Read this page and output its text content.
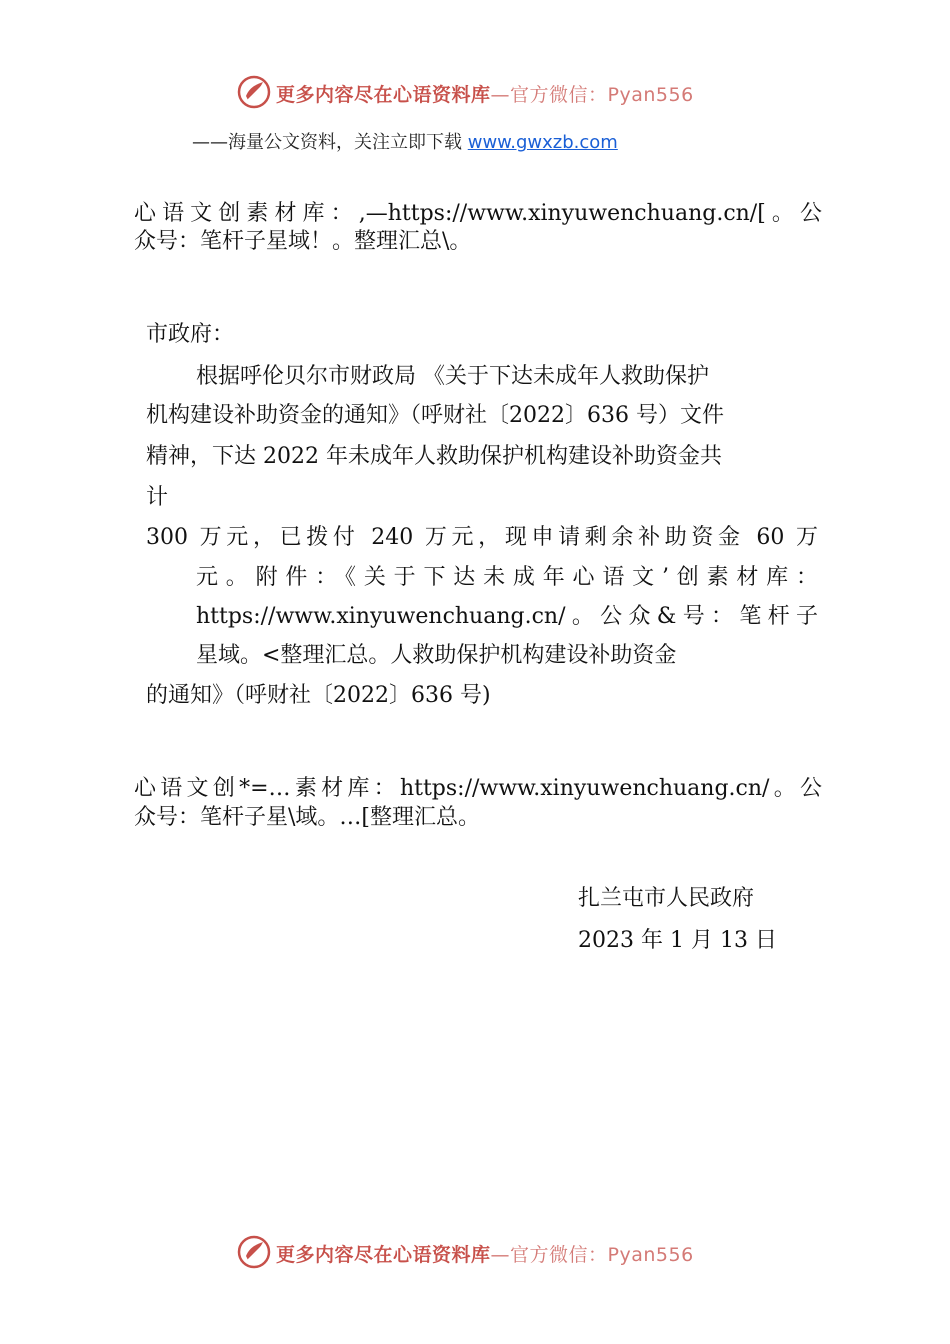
更多内容尽在心语资料库—官方微信：Pyan556
——海量公文资料，关注立即下载 www.gwxzb.com
心语文创素材库：,—https://www.xinyuwenchuang.cn/[。公
众号：笔杆子星域！。整理汇总\。
市政府：
根据呼伦贝尔市财政局 《关于下达未成年人救助保护
机构建设补助资金的通知》（呼财社〔2022〕636 号）文件
精神，下达 2022 年未成年人救助保护机构建设补助资金共
计
300 万元，已拨付 240 万元，现申请剩余补助资金 60 万
元。附件：《关于下达未成年心语文’创素材库：
https://www.xinyuwenchuang.cn/。公众&号：笔杆子
星域。<整理汇总。人救助保护机构建设补助资金
的通知》（呼财社〔2022〕636 号)
心语文创*=…素材库：https://www.xinyuwenchuang.cn/。公
众号：笔杆子星\域。…[整理汇总。
扎兰屯市人民政府
2023 年 1 月 13 日
更多内容尽在心语资料库—官方微信：Pyan556
